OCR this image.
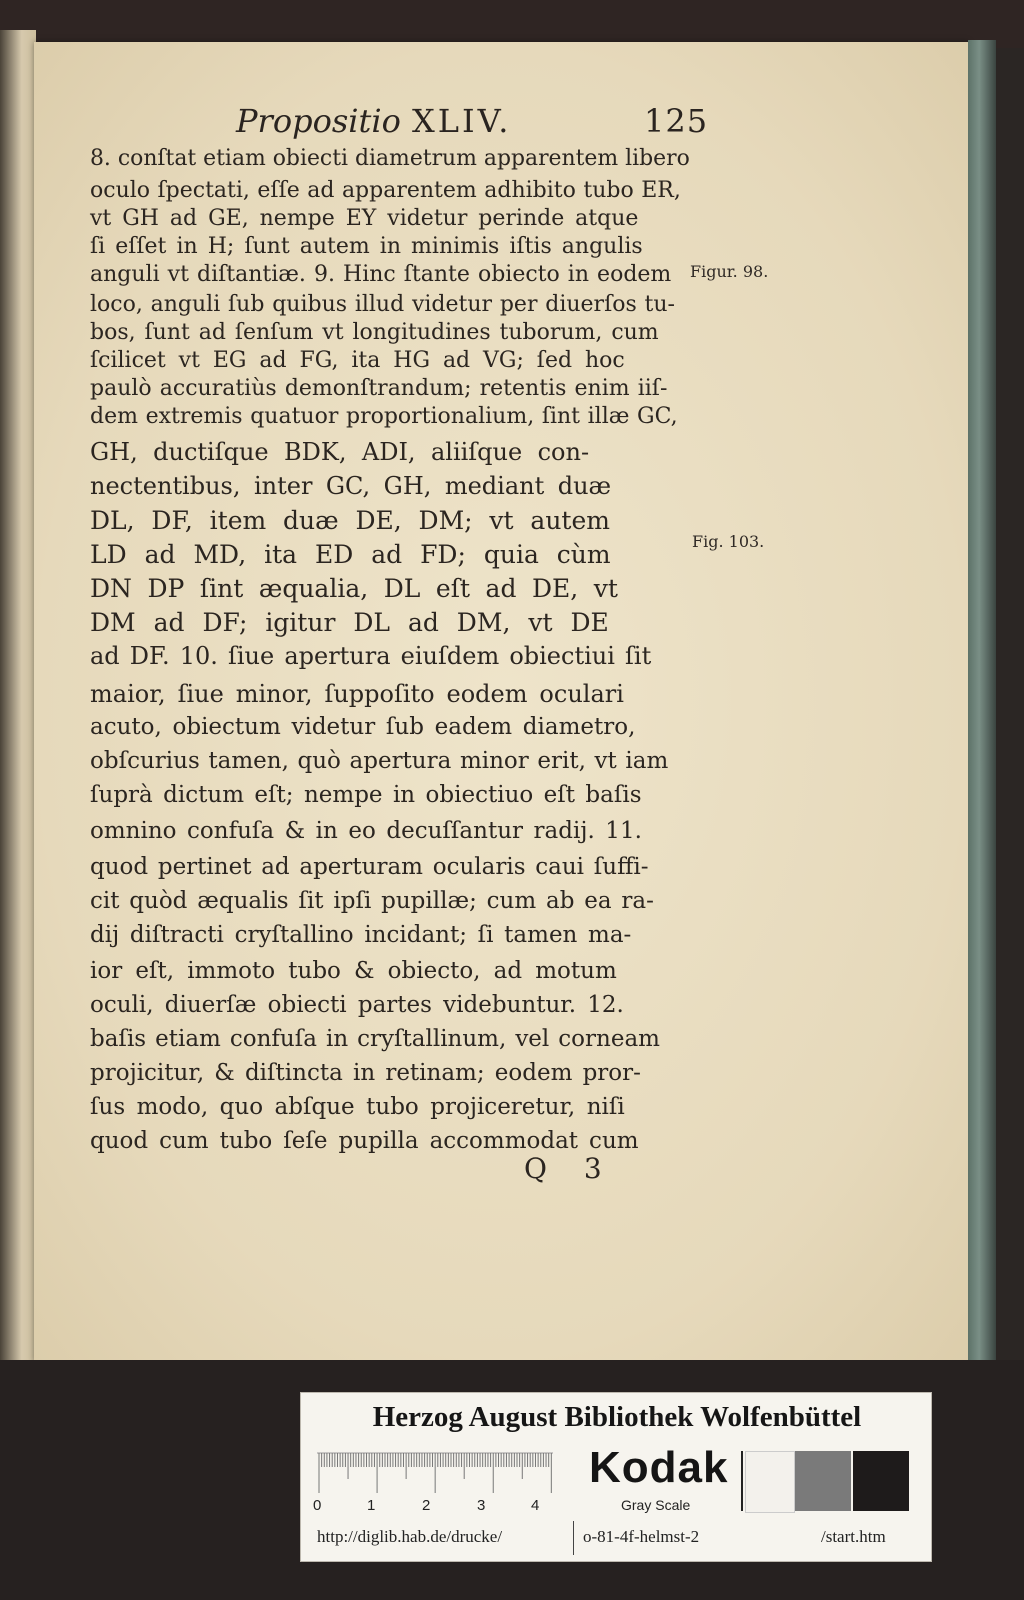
Propositio XLIV.	125
8. conſtat etiam obiecti diametrum apparentem libero
oculo ſpectati, eſſe ad apparentem adhibito tubo ER,
vt GH ad GE, nempe EY videtur perinde atque
ſi eſſet in H; ſunt autem in minimis iſtis angulis
anguli vt diſtantiæ. 9. Hinc ſtante obiecto in eodem
loco, anguli ſub quibus illud videtur per diuerſos tu-
bos, ſunt ad ſenſum vt longitudines tuborum, cum
ſcilicet vt EG ad FG, ita HG ad VG; ſed hoc
paulò accuratiùs demonſtrandum; retentis enim iiſ-
dem extremis quatuor proportionalium, ſint illæ GC,
GH, ductiſque BDK, ADI, aliiſque con-
nectentibus, inter GC, GH, mediant duæ
DL, DF, item duæ DE, DM; vt autem
LD ad MD, ita ED ad FD; quia cùm
DN DP ſint æqualia, DL eſt ad DE, vt
DM ad DF; igitur DL ad DM, vt DE
ad DF. 10. ſiue apertura eiuſdem obiectiui ſit
maior, ſiue minor, ſuppoſito eodem oculari
acuto, obiectum videtur ſub eadem diametro,
obſcurius tamen, quò apertura minor erit, vt iam
ſuprà dictum eſt; nempe in obiectiuo eſt baſis
omnino confuſa & in eo decuſſantur radij. 11.
quod pertinet ad aperturam ocularis caui ſuffi-
cit quòd æqualis ſit ipſi pupillæ; cum ab ea ra-
dij diſtracti cryſtallino incidant; ſi tamen ma-
ior eſt, immoto tubo & obiecto, ad motum
oculi, diuerſæ obiecti partes videbuntur. 12.
baſis etiam confuſa in cryſtallinum, vel corneam
projicitur, & diſtincta in retinam; eodem pror-
ſus modo, quo abſque tubo projiceretur, niſi
quod cum tubo ſeſe pupilla accommodat cum
Figur. 98.
Fig. 103.
Q 3
Herzog August Bibliothek Wolfenbüttel
0	1	2	3	4
Kodak
Gray Scale
http://diglib.hab.de/drucke/	o-81-4f-helmst-2	/start.htm
